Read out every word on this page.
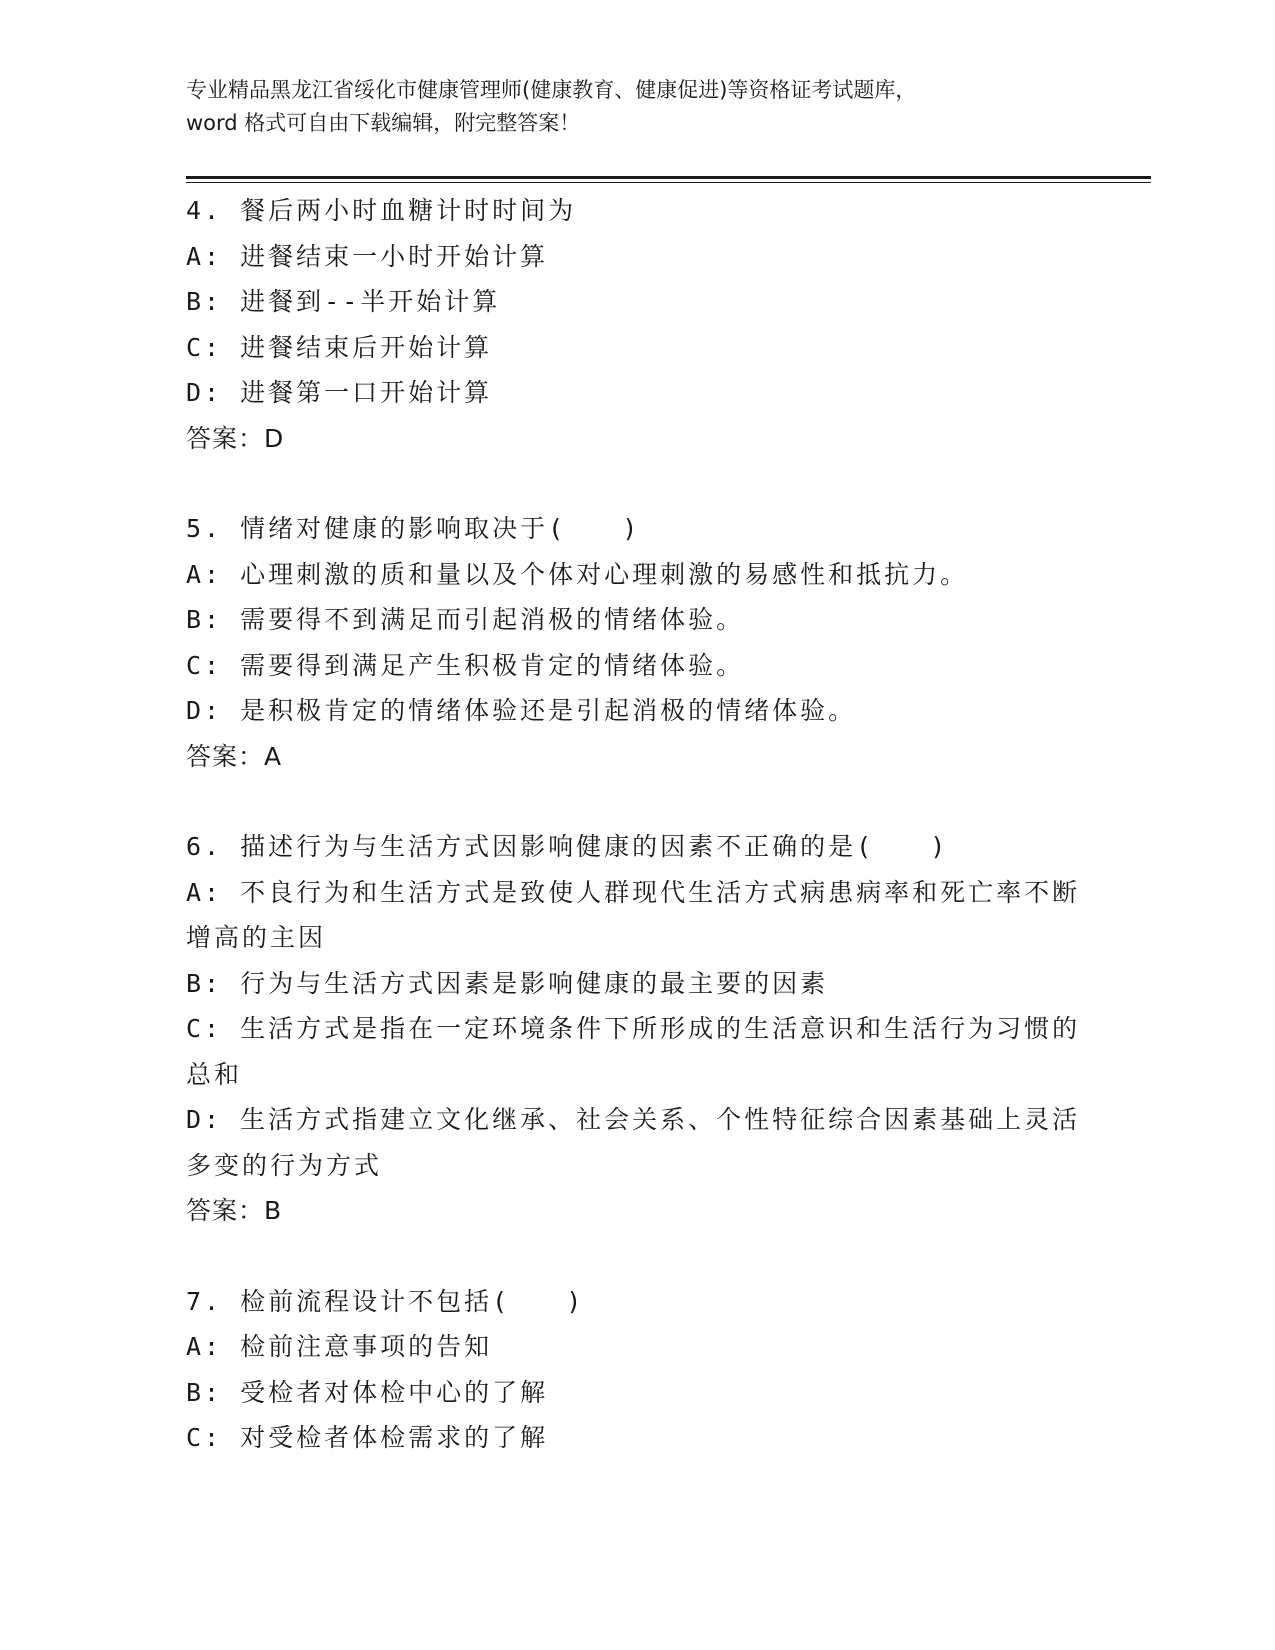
专业精品黑龙江省绥化市健康管理师(健康教育、健康促进)等资格证考试题库，
word 格式可自由下载编辑，附完整答案！

4. 餐后两小时血糖计时时间为

A: 进餐结束一小时开始计算

B: 进餐到--半开始计算

C: 进餐结束后开始计算

D: 进餐第一口开始计算

答案：D

5. 情绪对健康的影响取决于(　　)

A: 心理刺激的质和量以及个体对心理刺激的易感性和抵抗力。

B: 需要得不到满足而引起消极的情绪体验。

C: 需要得到满足产生积极肯定的情绪体验。

D: 是积极肯定的情绪体验还是引起消极的情绪体验。

答案：A

6. 描述行为与生活方式因影响健康的因素不正确的是(　　)

A: 不良行为和生活方式是致使人群现代生活方式病患病率和死亡率不断增高的主因

B: 行为与生活方式因素是影响健康的最主要的因素

C: 生活方式是指在一定环境条件下所形成的生活意识和生活行为习惯的总和

D: 生活方式指建立文化继承、社会关系、个性特征综合因素基础上灵活多变的行为方式

答案：B

7. 检前流程设计不包括(　　)

A: 检前注意事项的告知

B: 受检者对体检中心的了解

C: 对受检者体检需求的了解
